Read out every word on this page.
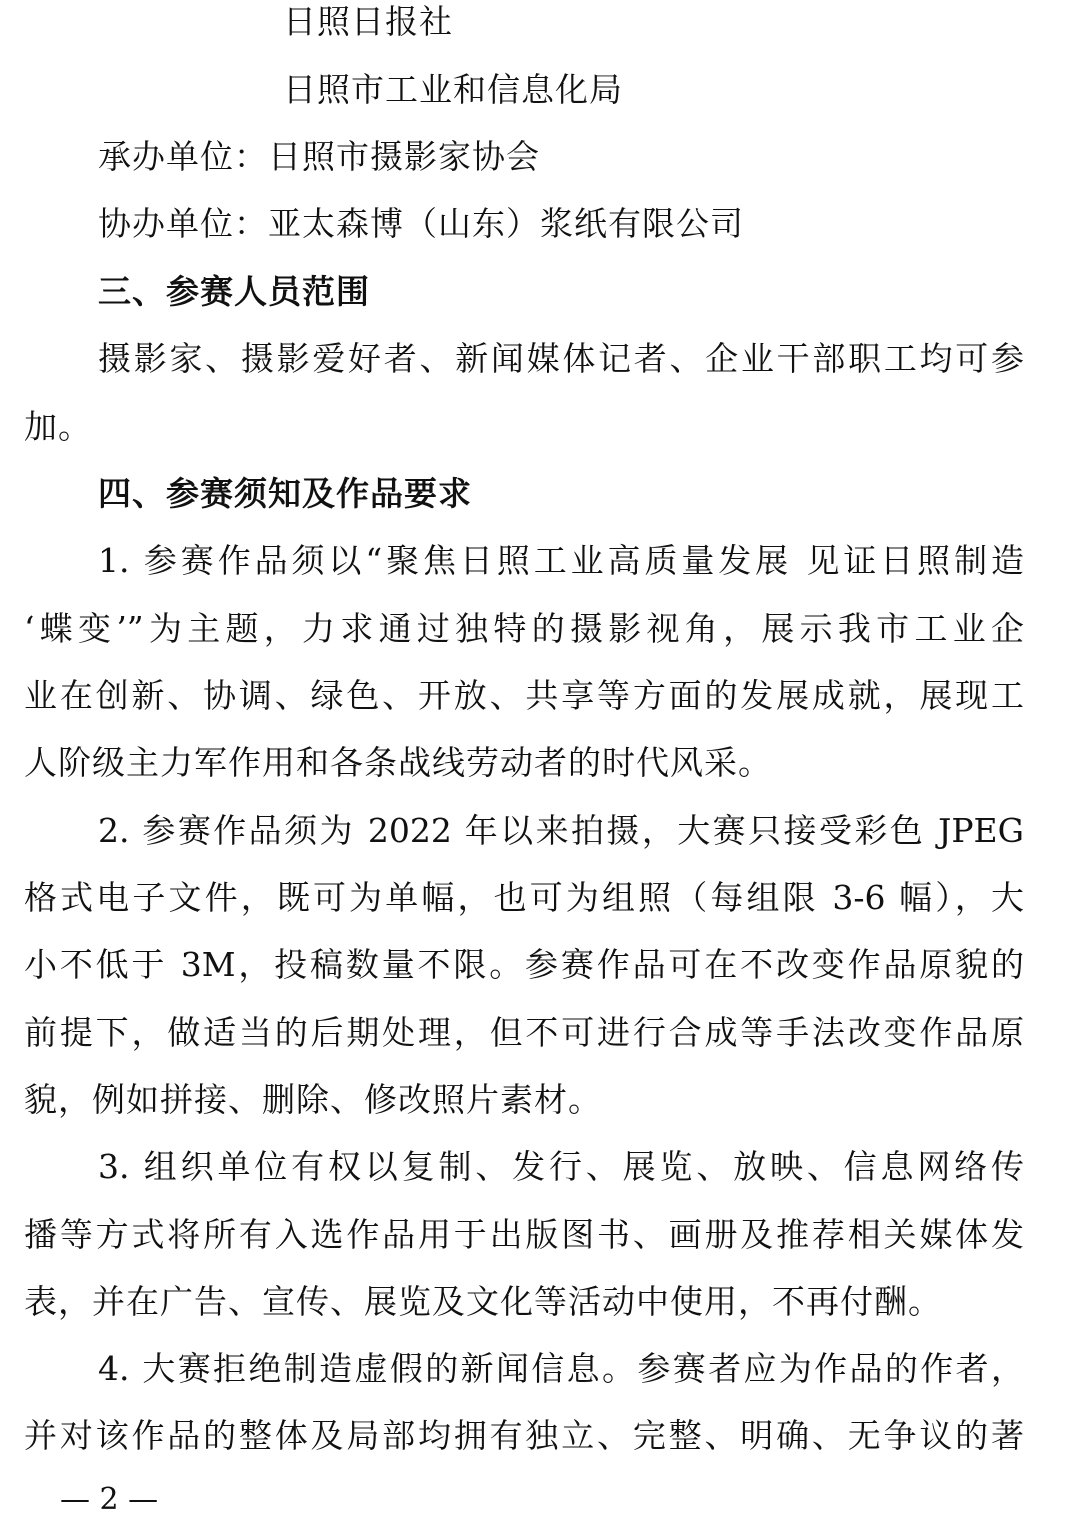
日照日报社
日照市工业和信息化局
承办单位：日照市摄影家协会
协办单位：亚太森博（山东）浆纸有限公司
三、参赛人员范围
摄影家、摄影爱好者、新闻媒体记者、企业干部职工均可参
加。
四、参赛须知及作品要求
1. 参赛作品须以“聚焦日照工业高质量发展 见证日照制造
‘蝶变’”为主题，力求通过独特的摄影视角，展示我市工业企
业在创新、协调、绿色、开放、共享等方面的发展成就，展现工
人阶级主力军作用和各条战线劳动者的时代风采。
2. 参赛作品须为 2022 年以来拍摄，大赛只接受彩色 JPEG
格式电子文件，既可为单幅，也可为组照（每组限 3-6 幅），大
小不低于 3M，投稿数量不限。参赛作品可在不改变作品原貌的
前提下，做适当的后期处理，但不可进行合成等手法改变作品原
貌，例如拼接、删除、修改照片素材。
3. 组织单位有权以复制、发行、展览、放映、信息网络传
播等方式将所有入选作品用于出版图书、画册及推荐相关媒体发
表，并在广告、宣传、展览及文化等活动中使用，不再付酬。
4. 大赛拒绝制造虚假的新闻信息。参赛者应为作品的作者，
并对该作品的整体及局部均拥有独立、完整、明确、无争议的著
— 2 —
